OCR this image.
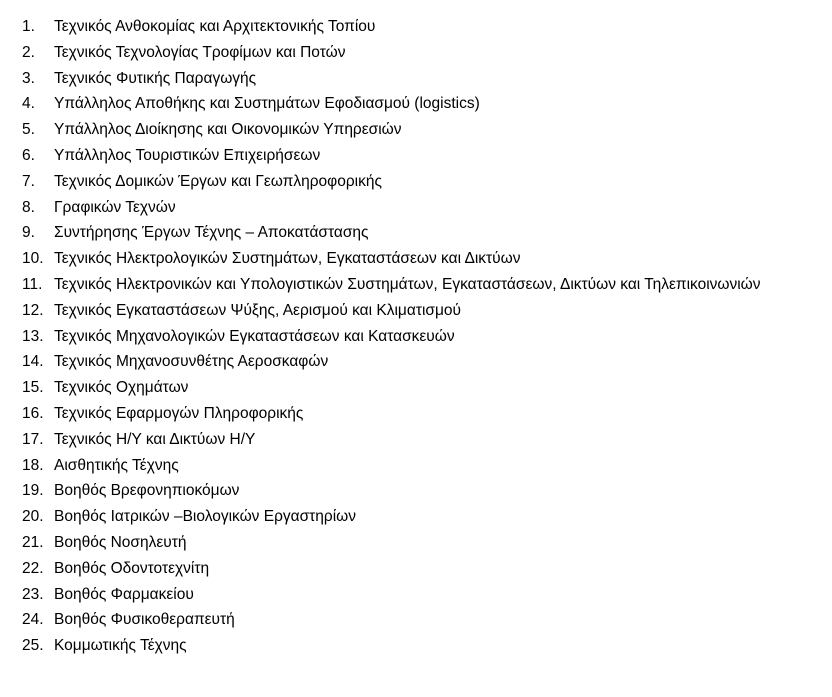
1. Τεχνικός Ανθοκομίας και Αρχιτεκτονικής Τοπίου
2. Τεχνικός Τεχνολογίας Τροφίμων και Ποτών
3. Τεχνικός Φυτικής Παραγωγής
4. Υπάλληλος Αποθήκης και Συστημάτων Εφοδιασμού (logistics)
5. Υπάλληλος Διοίκησης και Οικονομικών Υπηρεσιών
6. Υπάλληλος Τουριστικών Επιχειρήσεων
7. Τεχνικός Δομικών Έργων και Γεωπληροφορικής
8. Γραφικών Τεχνών
9. Συντήρησης Έργων Τέχνης – Αποκατάστασης
10. Τεχνικός Ηλεκτρολογικών Συστημάτων, Εγκαταστάσεων και Δικτύων
11. Τεχνικός Ηλεκτρονικών και Υπολογιστικών Συστημάτων, Εγκαταστάσεων, Δικτύων και Τηλεπικοινωνιών
12. Τεχνικός Εγκαταστάσεων Ψύξης, Αερισμού και Κλιματισμού
13. Τεχνικός Μηχανολογικών Εγκαταστάσεων και Κατασκευών
14. Τεχνικός Μηχανοσυνθέτης Αεροσκαφών
15. Τεχνικός Οχημάτων
16. Τεχνικός Εφαρμογών Πληροφορικής
17. Τεχνικός Η/Υ και Δικτύων Η/Υ
18. Αισθητικής Τέχνης
19. Βοηθός Βρεφονηπιοκόμων
20. Βοηθός Ιατρικών –Βιολογικών Εργαστηρίων
21. Βοηθός Νοσηλευτή
22. Βοηθός Οδοντοτεχνίτη
23. Βοηθός Φαρμακείου
24. Βοηθός Φυσικοθεραπευτή
25. Κομμωτικής Τέχνης
